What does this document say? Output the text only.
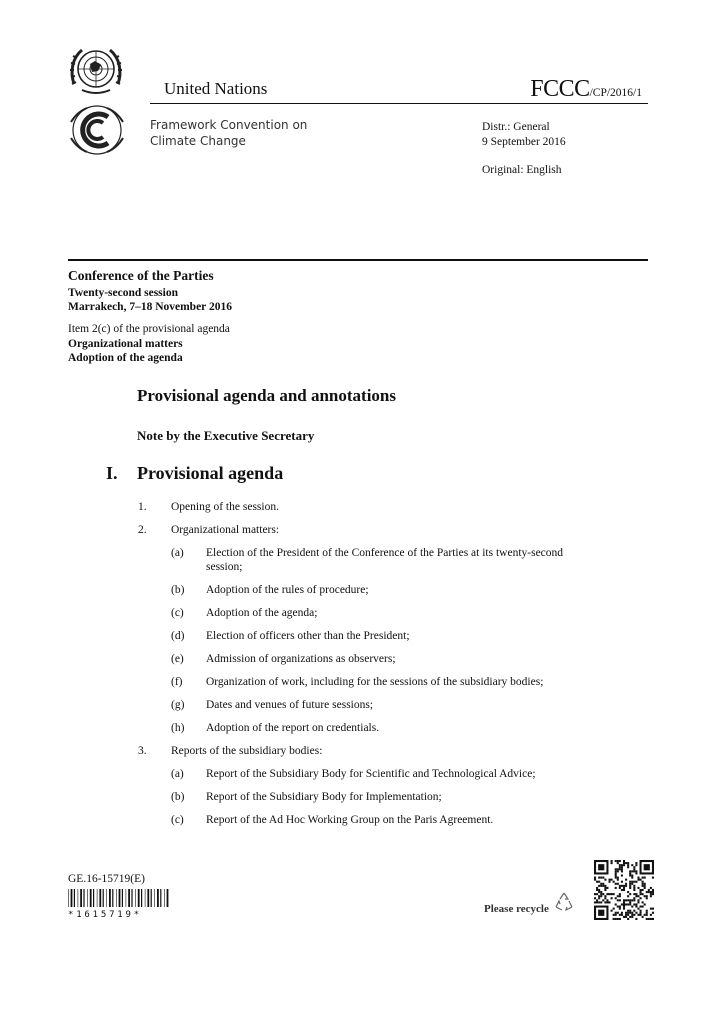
United Nations	FCCC/CP/2016/1
Framework Convention on
Climate Change
Distr.: General
9 September 2016
Original: English
Conference of the Parties
Twenty-second session
Marrakech, 7–18 November 2016
Item 2(c) of the provisional agenda
Organizational matters
Adoption of the agenda
Provisional agenda and annotations
Note by the Executive Secretary
I. Provisional agenda
1. Opening of the session.
2. Organizational matters:
(a) Election of the President of the Conference of the Parties at its twenty-second session;
(b) Adoption of the rules of procedure;
(c) Adoption of the agenda;
(d) Election of officers other than the President;
(e) Admission of organizations as observers;
(f) Organization of work, including for the sessions of the subsidiary bodies;
(g) Dates and venues of future sessions;
(h) Adoption of the report on credentials.
3. Reports of the subsidiary bodies:
(a) Report of the Subsidiary Body for Scientific and Technological Advice;
(b) Report of the Subsidiary Body for Implementation;
(c) Report of the Ad Hoc Working Group on the Paris Agreement.
GE.16-15719(E)
*1615719*	Please recycle
